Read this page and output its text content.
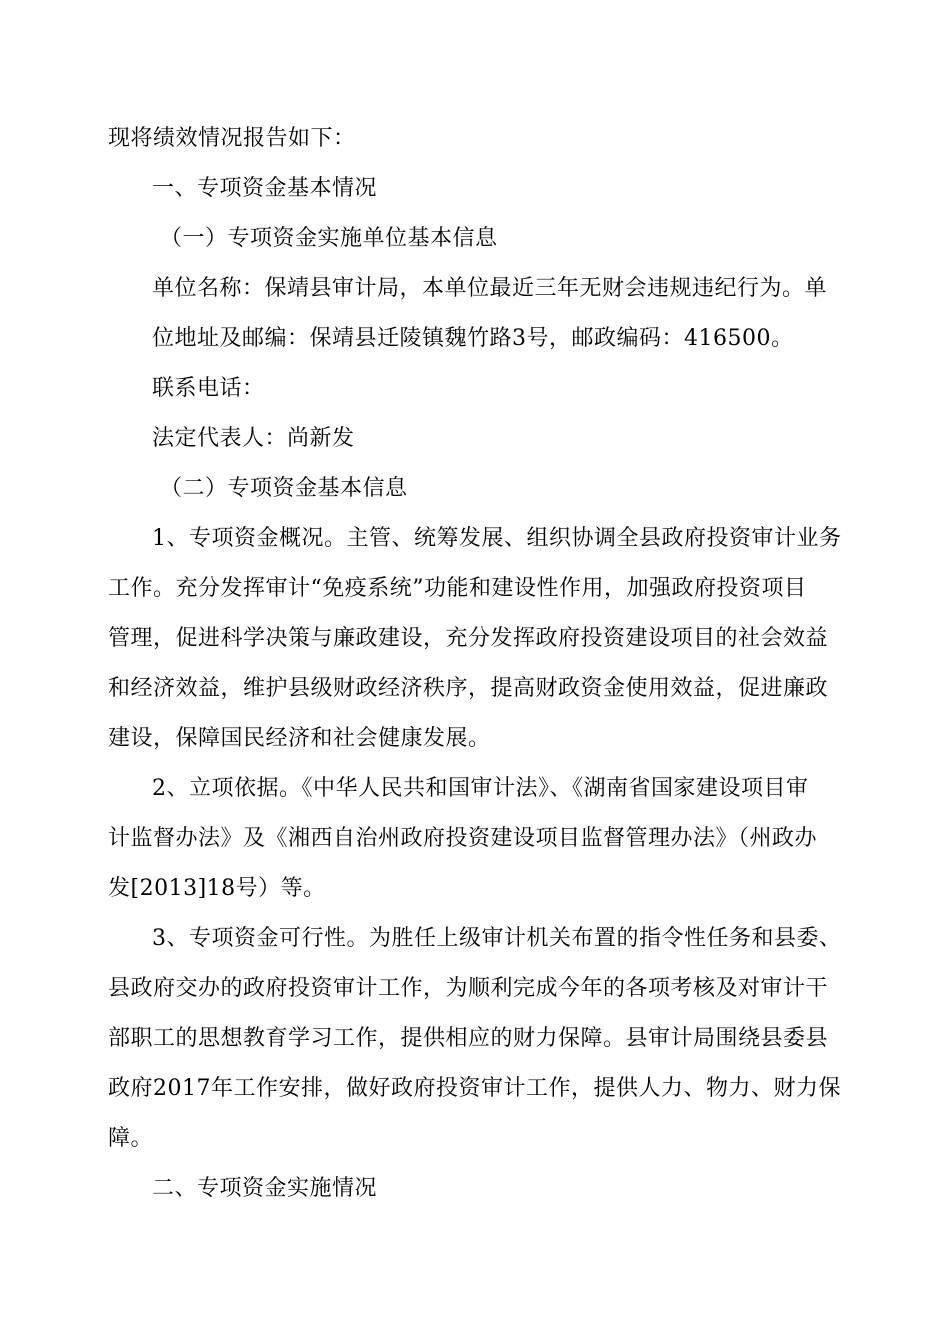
现将绩效情况报告如下：
一、专项资金基本情况
（一）专项资金实施单位基本信息
单位名称：保靖县审计局，本单位最近三年无财会违规违纪行为。单
位地址及邮编：保靖县迁陵镇魏竹路3号，邮政编码：416500。
联系电话：
法定代表人：尚新发
（二）专项资金基本信息
1、专项资金概况。主管、统筹发展、组织协调全县政府投资审计业务
工作。充分发挥审计“免疫系统”功能和建设性作用，加强政府投资项目
管理，促进科学决策与廉政建设，充分发挥政府投资建设项目的社会效益
和经济效益，维护县级财政经济秩序，提高财政资金使用效益，促进廉政
建设，保障国民经济和社会健康发展。
2、立项依据。《中华人民共和国审计法》、《湖南省国家建设项目审
计监督办法》及《湘西自治州政府投资建设项目监督管理办法》（州政办
发[2013]18号）等。
3、专项资金可行性。为胜任上级审计机关布置的指令性任务和县委、
县政府交办的政府投资审计工作，为顺利完成今年的各项考核及对审计干
部职工的思想教育学习工作，提供相应的财力保障。县审计局围绕县委县
政府2017年工作安排，做好政府投资审计工作，提供人力、物力、财力保
障。
二、专项资金实施情况
